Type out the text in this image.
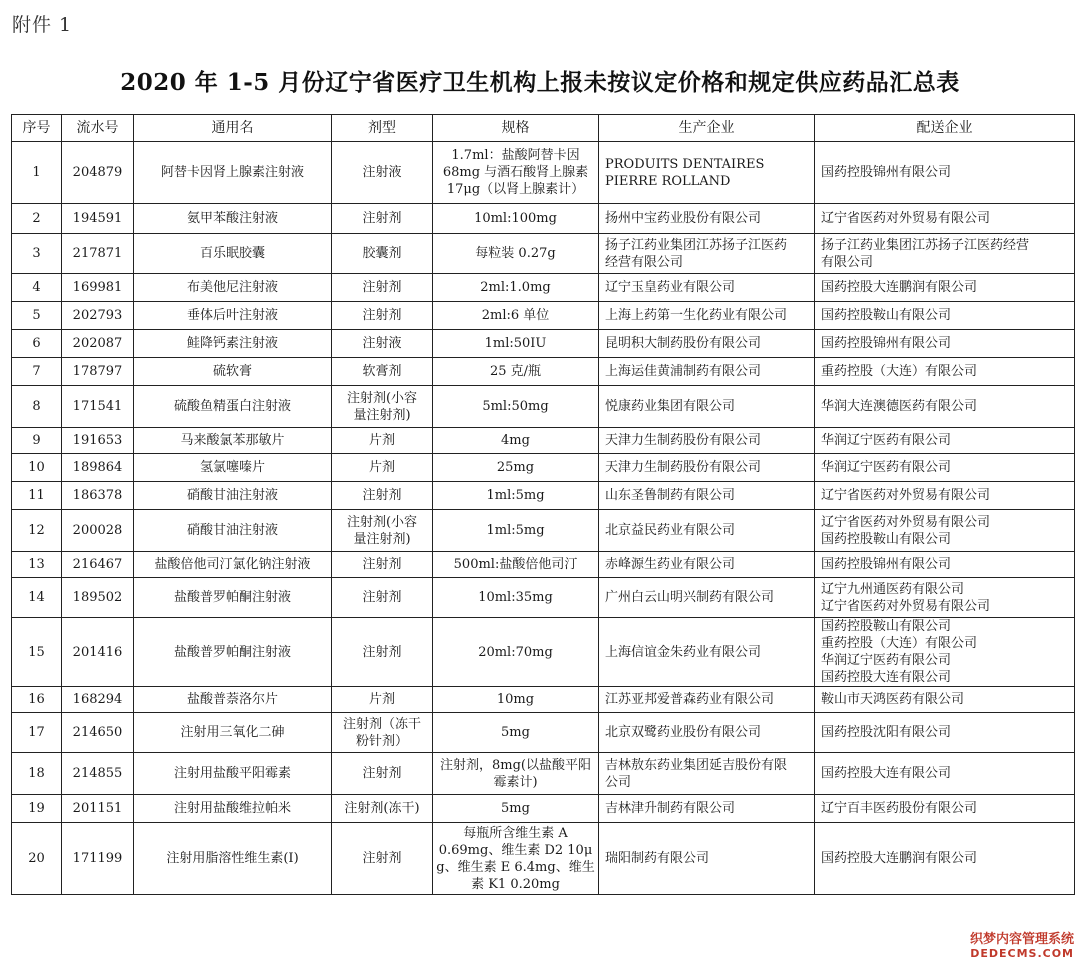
附件 1
2020 年 1-5 月份辽宁省医疗卫生机构上报未按议定价格和规定供应药品汇总表
序号	流水号	通用名	剂型	规格	生产企业	配送企业
1	204879	阿替卡因肾上腺素注射液	注射液	1.7ml：盐酸阿替卡因
68mg 与酒石酸肾上腺素
17μg（以肾上腺素计）	PRODUITS DENTAIRES
PIERRE ROLLAND	国药控股锦州有限公司

2	194591	氨甲苯酸注射液	注射剂	10ml:100mg	扬州中宝药业股份有限公司	辽宁省医药对外贸易有限公司

3	217871	百乐眠胶囊	胶囊剂	每粒装 0.27g	扬子江药业集团江苏扬子江医药
经营有限公司	扬子江药业集团江苏扬子江医药经营
有限公司

4	169981	布美他尼注射液	注射剂	2ml:1.0mg	辽宁玉皇药业有限公司	国药控股大连鹏润有限公司

5	202793	垂体后叶注射液	注射剂	2ml:6 单位	上海上药第一生化药业有限公司	国药控股鞍山有限公司

6	202087	鲑降钙素注射液	注射液	1ml:50IU	昆明积大制药股份有限公司	国药控股锦州有限公司

7	178797	硫软膏	软膏剂	25 克/瓶	上海运佳黄浦制药有限公司	重药控股（大连）有限公司

8	171541	硫酸鱼精蛋白注射液	注射剂(小容
量注射剂)	5ml:50mg	悦康药业集团有限公司	华润大连澳德医药有限公司

9	191653	马来酸氯苯那敏片	片剂	4mg	天津力生制药股份有限公司	华润辽宁医药有限公司

10	189864	氢氯噻嗪片	片剂	25mg	天津力生制药股份有限公司	华润辽宁医药有限公司

11	186378	硝酸甘油注射液	注射剂	1ml:5mg	山东圣鲁制药有限公司	辽宁省医药对外贸易有限公司

12	200028	硝酸甘油注射液	注射剂(小容
量注射剂)	1ml:5mg	北京益民药业有限公司	辽宁省医药对外贸易有限公司
国药控股鞍山有限公司

13	216467	盐酸倍他司汀氯化钠注射液	注射剂	500ml:盐酸倍他司汀	赤峰源生药业有限公司	国药控股锦州有限公司

14	189502	盐酸普罗帕酮注射液	注射剂	10ml:35mg	广州白云山明兴制药有限公司	辽宁九州通医药有限公司
辽宁省医药对外贸易有限公司

15	201416	盐酸普罗帕酮注射液	注射剂	20ml:70mg	上海信谊金朱药业有限公司	国药控股鞍山有限公司
重药控股（大连）有限公司
华润辽宁医药有限公司
国药控股大连有限公司

16	168294	盐酸普萘洛尔片	片剂	10mg	江苏亚邦爱普森药业有限公司	鞍山市天鸿医药有限公司

17	214650	注射用三氧化二砷	注射剂（冻干
粉针剂）	5mg	北京双鹭药业股份有限公司	国药控股沈阳有限公司

18	214855	注射用盐酸平阳霉素	注射剂	注射剂，8mg(以盐酸平阳
霉素计)	吉林敖东药业集团延吉股份有限
公司	国药控股大连有限公司

19	201151	注射用盐酸维拉帕米	注射剂(冻干)	5mg	吉林津升制药有限公司	辽宁百丰医药股份有限公司

20	171199	注射用脂溶性维生素(Ⅰ)	注射剂	每瓶所含维生素 A
0.69mg、维生素 D2 10μ
g、维生素 E 6.4mg、维生
素 K1 0.20mg	瑞阳制药有限公司	国药控股大连鹏润有限公司
织梦内容管理系统
DEDECMS.COM
